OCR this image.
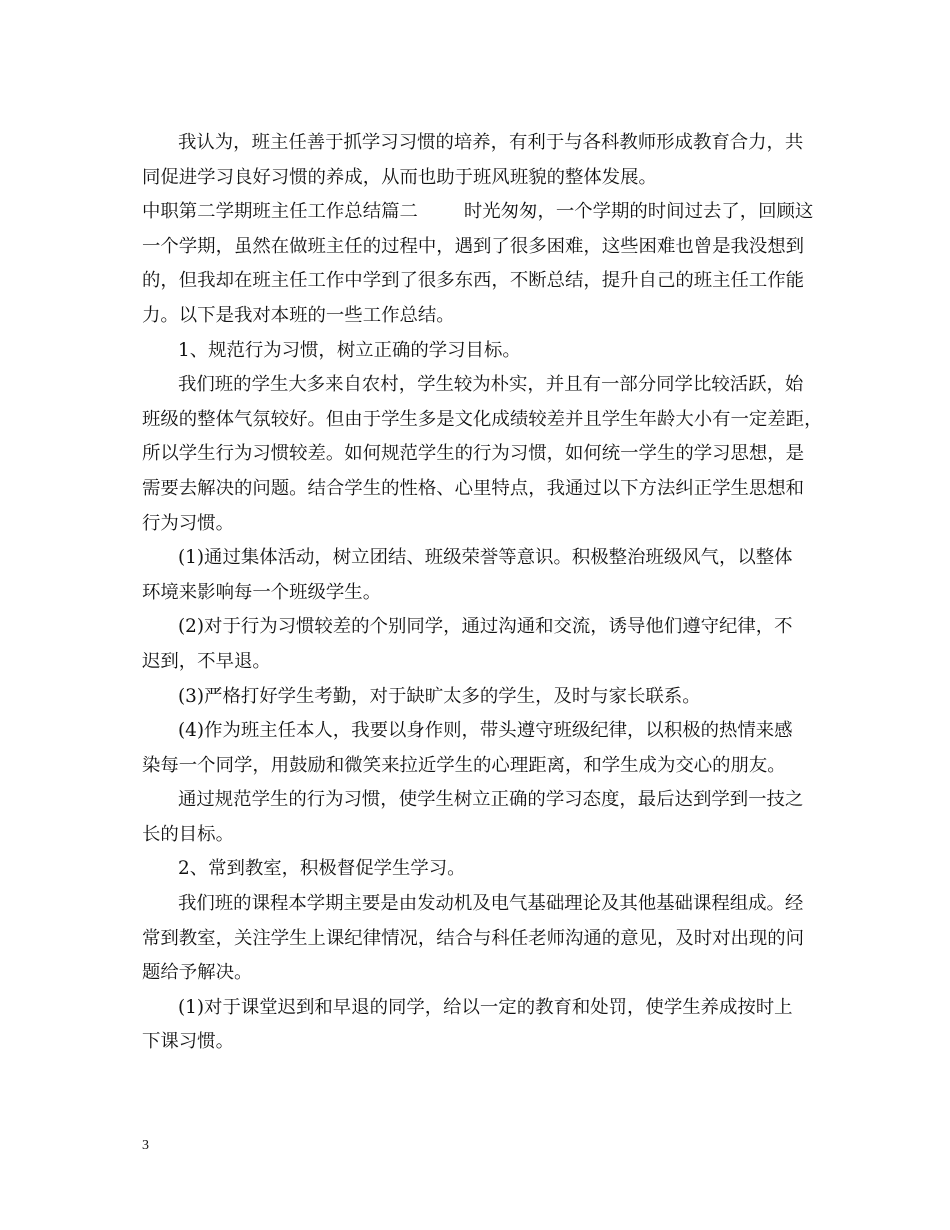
我认为，班主任善于抓学习习惯的培养，有利于与各科教师形成教育合力，共
同促进学习良好习惯的养成，从而也助于班风班貌的整体发展。
中职第二学期班主任工作总结篇二	时光匆匆，一个学期的时间过去了，回顾这
一个学期，虽然在做班主任的过程中，遇到了很多困难，这些困难也曾是我没想到
的，但我却在班主任工作中学到了很多东西，不断总结，提升自己的班主任工作能
力。以下是我对本班的一些工作总结。
1、规范行为习惯，树立正确的学习目标。
我们班的学生大多来自农村，学生较为朴实，并且有一部分同学比较活跃，始
班级的整体气氛较好。但由于学生多是文化成绩较差并且学生年龄大小有一定差距，
所以学生行为习惯较差。如何规范学生的行为习惯，如何统一学生的学习思想，是
需要去解决的问题。结合学生的性格、心里特点，我通过以下方法纠正学生思想和
行为习惯。
(1)通过集体活动，树立团结、班级荣誉等意识。积极整治班级风气，以整体
环境来影响每一个班级学生。
(2)对于行为习惯较差的个别同学，通过沟通和交流，诱导他们遵守纪律，不
迟到，不早退。
(3)严格打好学生考勤，对于缺旷太多的学生，及时与家长联系。
(4)作为班主任本人，我要以身作则，带头遵守班级纪律，以积极的热情来感
染每一个同学，用鼓励和微笑来拉近学生的心理距离，和学生成为交心的朋友。
通过规范学生的行为习惯，使学生树立正确的学习态度，最后达到学到一技之
长的目标。
2、常到教室，积极督促学生学习。
我们班的课程本学期主要是由发动机及电气基础理论及其他基础课程组成。经
常到教室，关注学生上课纪律情况，结合与科任老师沟通的意见，及时对出现的问
题给予解决。
(1)对于课堂迟到和早退的同学，给以一定的教育和处罚，使学生养成按时上
下课习惯。
3
